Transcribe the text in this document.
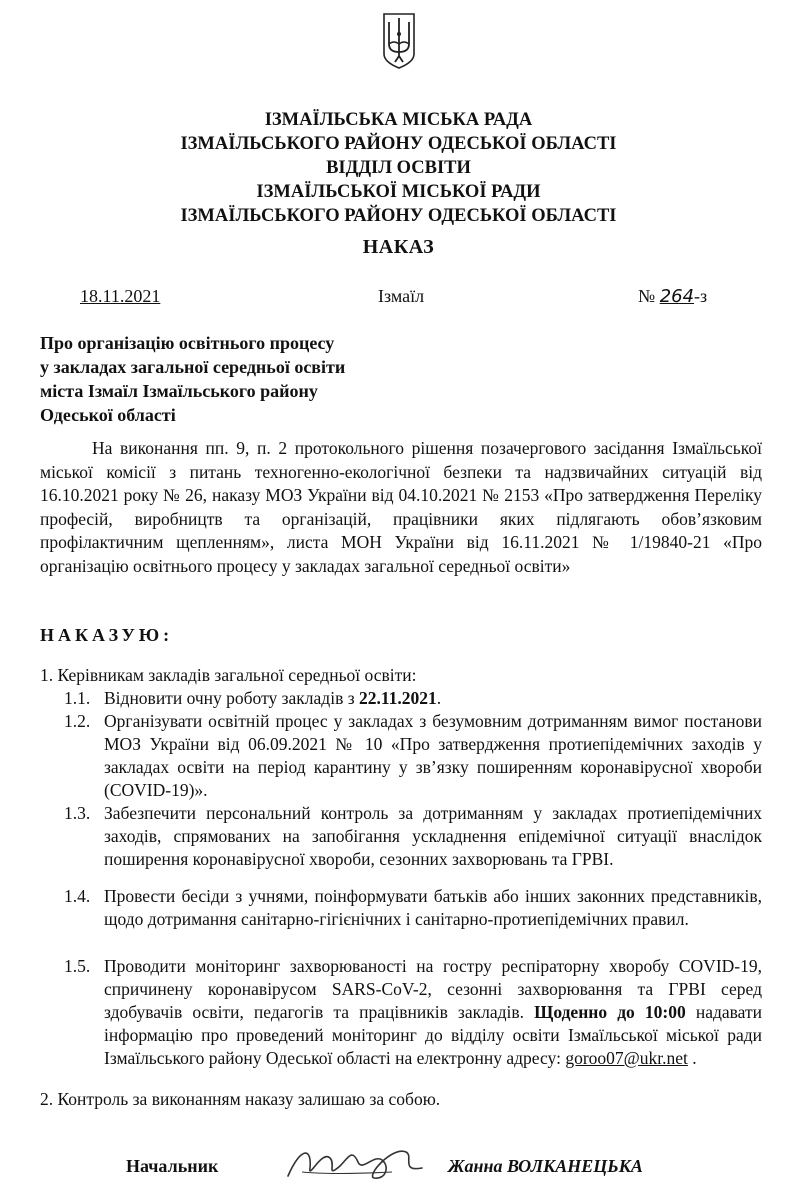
ІЗМАЇЛЬСЬКА МІСЬКА РАДА
ІЗМАЇЛЬСЬКОГО РАЙОНУ ОДЕСЬКОЇ ОБЛАСТІ
ВІДДІЛ ОСВІТИ
ІЗМАЇЛЬСЬКОЇ МІСЬКОЇ РАДИ
ІЗМАЇЛЬСЬКОГО РАЙОНУ ОДЕСЬКОЇ ОБЛАСТІ
НАКАЗ
18.11.2021	Ізмаїл	№ 264-з
Про організацію освітнього процесу
у закладах загальної середньої освіти
міста Ізмаїл Ізмаїльського району
Одеської області
На виконання пп. 9, п. 2 протокольного рішення позачергового засідання Ізмаїльської міської комісії з питань техногенно-екологічної безпеки та надзвичайних ситуацій від 16.10.2021 року № 26, наказу МОЗ України від 04.10.2021 № 2153 «Про затвердження Переліку професій, виробництв та організацій, працівники яких підлягають обов’язковим профілактичним щепленням», листа МОН України від 16.11.2021 № 1/19840-21 «Про організацію освітнього процесу у закладах загальної середньої освіти»
НАКАЗУЮ:
1. Керівникам закладів загальної середньої освіти:
1.1. Відновити очну роботу закладів з 22.11.2021.
1.2. Організувати освітній процес у закладах з безумовним дотриманням вимог постанови МОЗ України від 06.09.2021 № 10 «Про затвердження протиепідемічних заходів у закладах освіти на період карантину у зв’язку поширенням коронавірусної хвороби (COVID-19)».
1.3. Забезпечити персональний контроль за дотриманням у закладах протиепідемічних заходів, спрямованих на запобігання ускладнення епідемічної ситуації внаслідок поширення коронавірусної хвороби, сезонних захворювань та ГРВІ.
1.4. Провести бесіди з учнями, поінформувати батьків або інших законних представників, щодо дотримання санітарно-гігієнічних і санітарно-протиепідемічних правил.
1.5. Проводити моніторинг захворюваності на гостру респіраторну хворобу COVID-19, спричинену коронавірусом SARS-CoV-2, сезонні захворювання та ГРВІ серед здобувачів освіти, педагогів та працівників закладів. Щоденно до 10:00 надавати інформацію про проведений моніторинг до відділу освіти Ізмаїльської міської ради Ізмаїльського району Одеської області на електронну адресу: goroo07@ukr.net .
2. Контроль за виконанням наказу залишаю за собою.
Начальник	Жанна ВОЛКАНЕЦЬКА
